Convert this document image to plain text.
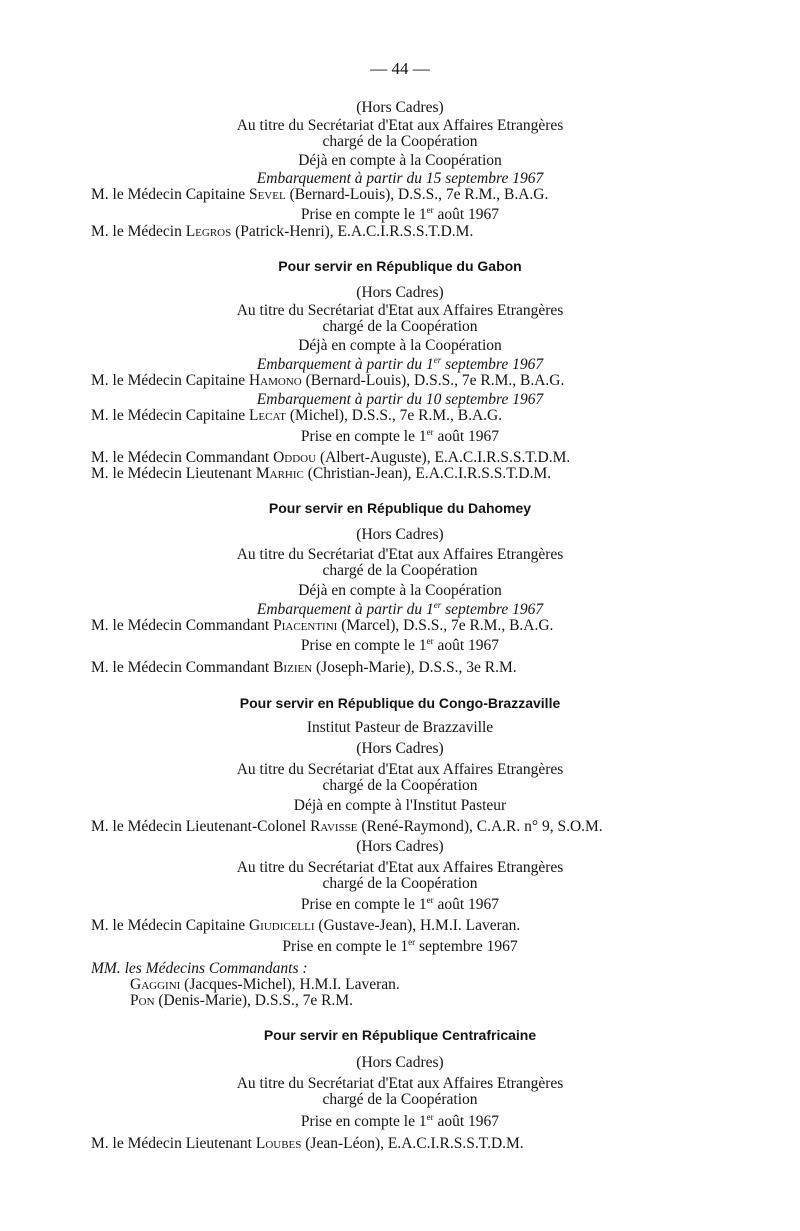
— 44 —
(Hors Cadres)
Au titre du Secrétariat d'Etat aux Affaires Etrangères
chargé de la Coopération
Déjà en compte à la Coopération
Embarquement à partir du 15 septembre 1967
M. le Médecin Capitaine Sevel (Bernard-Louis), D.S.S., 7e R.M., B.A.G.
Prise en compte le 1er août 1967
M. le Médecin Legros (Patrick-Henri), E.A.C.I.R.S.S.T.D.M.
Pour servir en République du Gabon
(Hors Cadres)
Au titre du Secrétariat d'Etat aux Affaires Etrangères
chargé de la Coopération
Déjà en compte à la Coopération
Embarquement à partir du 1er septembre 1967
M. le Médecin Capitaine Hamono (Bernard-Louis), D.S.S., 7e R.M., B.A.G.
Embarquement à partir du 10 septembre 1967
M. le Médecin Capitaine Lecat (Michel), D.S.S., 7e R.M., B.A.G.
Prise en compte le 1er août 1967
M. le Médecin Commandant Oddou (Albert-Auguste), E.A.C.I.R.S.S.T.D.M.
M. le Médecin Lieutenant Marhic (Christian-Jean), E.A.C.I.R.S.S.T.D.M.
Pour servir en République du Dahomey
(Hors Cadres)
Au titre du Secrétariat d'Etat aux Affaires Etrangères
chargé de la Coopération
Déjà en compte à la Coopération
Embarquement à partir du 1er septembre 1967
M. le Médecin Commandant Piacentini (Marcel), D.S.S., 7e R.M., B.A.G.
Prise en compte le 1er août 1967
M. le Médecin Commandant Bizien (Joseph-Marie), D.S.S., 3e R.M.
Pour servir en République du Congo-Brazzaville
Institut Pasteur de Brazzaville
(Hors Cadres)
Au titre du Secrétariat d'Etat aux Affaires Etrangères
chargé de la Coopération
Déjà en compte à l'Institut Pasteur
M. le Médecin Lieutenant-Colonel Ravisse (René-Raymond), C.A.R. n° 9, S.O.M.
(Hors Cadres)
Au titre du Secrétariat d'Etat aux Affaires Etrangères
chargé de la Coopération
Prise en compte le 1er août 1967
M. le Médecin Capitaine Giudicelli (Gustave-Jean), H.M.I. Laveran.
Prise en compte le 1er septembre 1967
MM. les Médecins Commandants :
Gaggini (Jacques-Michel), H.M.I. Laveran.
Pon (Denis-Marie), D.S.S., 7e R.M.
Pour servir en République Centrafricaine
(Hors Cadres)
Au titre du Secrétariat d'Etat aux Affaires Etrangères
chargé de la Coopération
Prise en compte le 1er août 1967
M. le Médecin Lieutenant Loubes (Jean-Léon), E.A.C.I.R.S.S.T.D.M.
